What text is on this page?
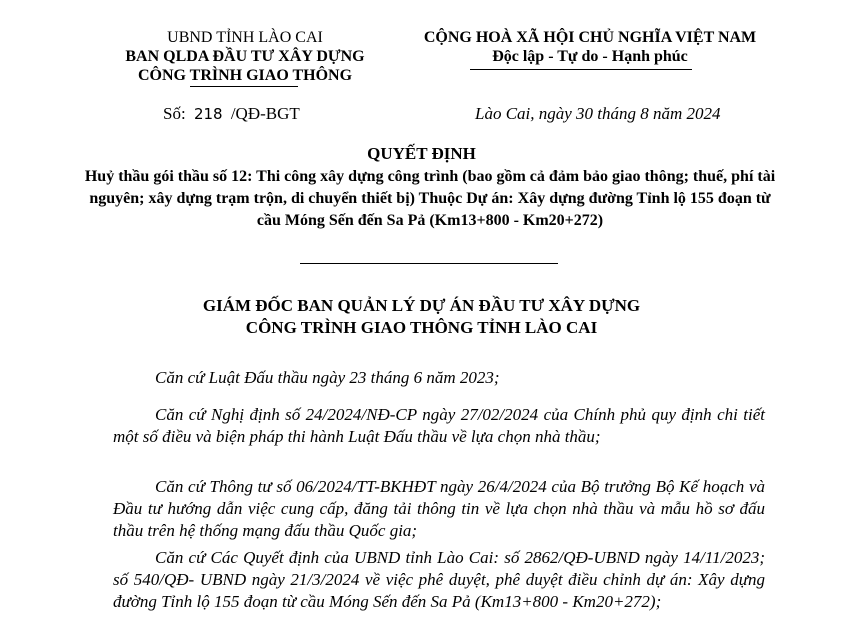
UBND TỈNH LÀO CAI
BAN QLDA ĐẦU TƯ XÂY DỰNG
CÔNG TRÌNH GIAO THÔNG
CỘNG HOÀ XÃ HỘI CHỦ NGHĨA VIỆT NAM
Độc lập - Tự do - Hạnh phúc
Số: 218 /QĐ-BGT	Lào Cai, ngày 30 tháng 8 năm 2024
QUYẾT ĐỊNH
Huỷ thầu gói thầu số 12: Thi công xây dựng công trình (bao gồm cả đảm bảo giao thông; thuế, phí tài nguyên; xây dựng trạm trộn, di chuyển thiết bị) Thuộc Dự án: Xây dựng đường Tỉnh lộ 155 đoạn từ cầu Móng Sến đến Sa Pả (Km13+800 - Km20+272)
GIÁM ĐỐC BAN QUẢN LÝ DỰ ÁN ĐẦU TƯ XÂY DỰNG
CÔNG TRÌNH GIAO THÔNG TỈNH LÀO CAI
Căn cứ Luật Đấu thầu ngày 23 tháng 6 năm 2023;
Căn cứ Nghị định số 24/2024/NĐ-CP ngày 27/02/2024 của Chính phủ quy định chi tiết một số điều và biện pháp thi hành Luật Đấu thầu về lựa chọn nhà thầu;
Căn cứ Thông tư số 06/2024/TT-BKHĐT ngày 26/4/2024 của Bộ trưởng Bộ Kế hoạch và Đầu tư hướng dẫn việc cung cấp, đăng tải thông tin về lựa chọn nhà thầu và mẫu hồ sơ đấu thầu trên hệ thống mạng đấu thầu Quốc gia;
Căn cứ Các Quyết định của UBND tỉnh Lào Cai: số 2862/QĐ-UBND ngày 14/11/2023; số 540/QĐ- UBND ngày 21/3/2024 về việc phê duyệt, phê duyệt điều chỉnh dự án: Xây dựng đường Tỉnh lộ 155 đoạn từ cầu Móng Sến đến Sa Pả (Km13+800 - Km20+272);
